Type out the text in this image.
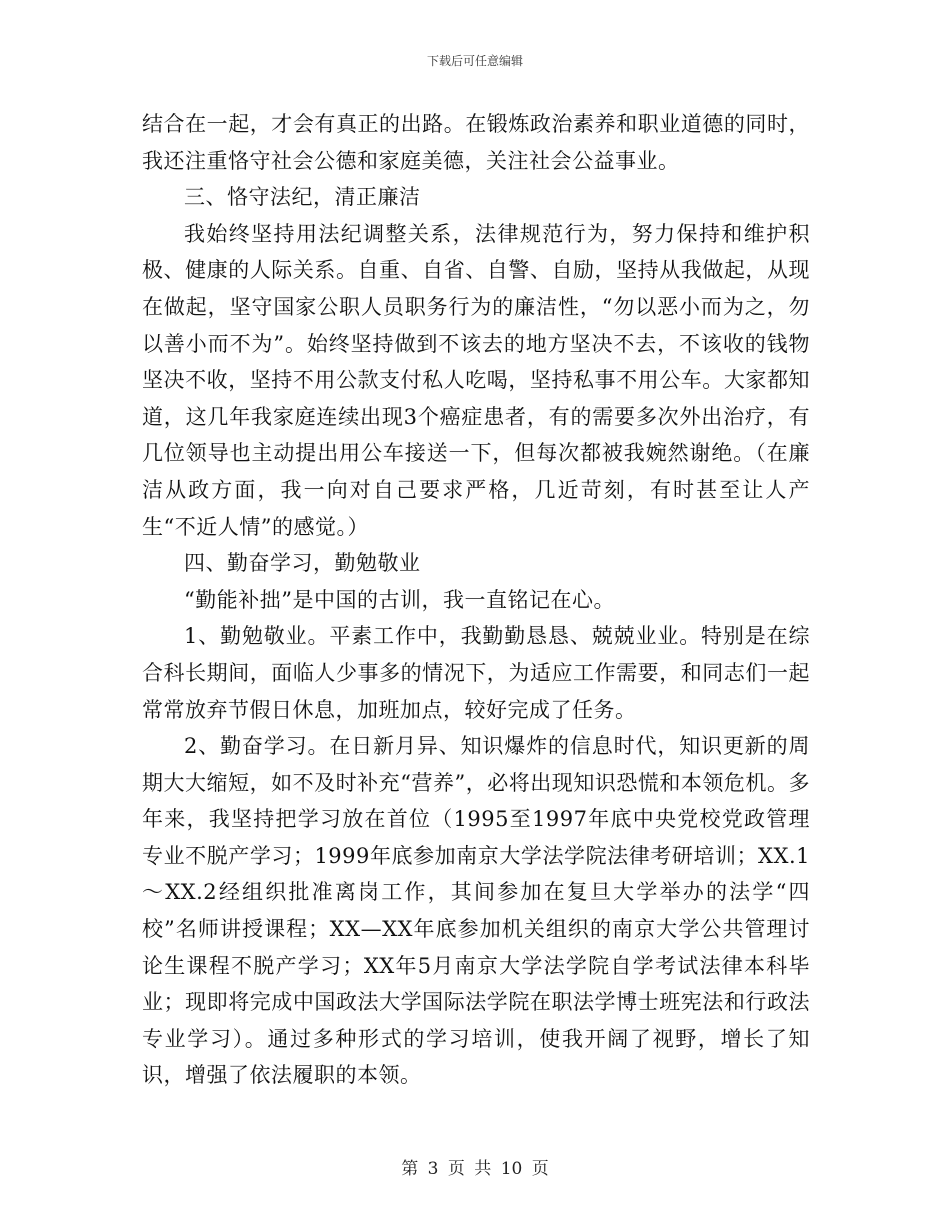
下载后可任意编辑

结合在一起，才会有真正的出路。在锻炼政治素养和职业道德的同时，我还注重恪守社会公德和家庭美德，关注社会公益事业。

三、恪守法纪，清正廉洁

我始终坚持用法纪调整关系，法律规范行为，努力保持和维护积极、健康的人际关系。自重、自省、自警、自励，坚持从我做起，从现在做起，坚守国家公职人员职务行为的廉洁性，“勿以恶小而为之，勿以善小而不为”。始终坚持做到不该去的地方坚决不去，不该收的钱物坚决不收，坚持不用公款支付私人吃喝，坚持私事不用公车。大家都知道，这几年我家庭连续出现3个癌症患者，有的需要多次外出治疗，有几位领导也主动提出用公车接送一下，但每次都被我婉然谢绝。（在廉洁从政方面，我一向对自己要求严格，几近苛刻，有时甚至让人产生“不近人情”的感觉。）

四、勤奋学习，勤勉敬业

“勤能补拙”是中国的古训，我一直铭记在心。

1、勤勉敬业。平素工作中，我勤勤恳恳、兢兢业业。特别是在综合科长期间，面临人少事多的情况下，为适应工作需要，和同志们一起常常放弃节假日休息，加班加点，较好完成了任务。

2、勤奋学习。在日新月异、知识爆炸的信息时代，知识更新的周期大大缩短，如不及时补充“营养”，必将出现知识恐慌和本领危机。多年来，我坚持把学习放在首位（1995至1997年底中央党校党政管理专业不脱产学习；1999年底参加南京大学法学院法律考研培训；XX.1～XX.2经组织批准离岗工作，其间参加在复旦大学举办的法学“四校”名师讲授课程；XX—XX年底参加机关组织的南京大学公共管理讨论生课程不脱产学习；XX年5月南京大学法学院自学考试法律本科毕业；现即将完成中国政法大学国际法学院在职法学博士班宪法和行政法专业学习）。通过多种形式的学习培训，使我开阔了视野，增长了知识，增强了依法履职的本领。

第 3 页 共 10 页
